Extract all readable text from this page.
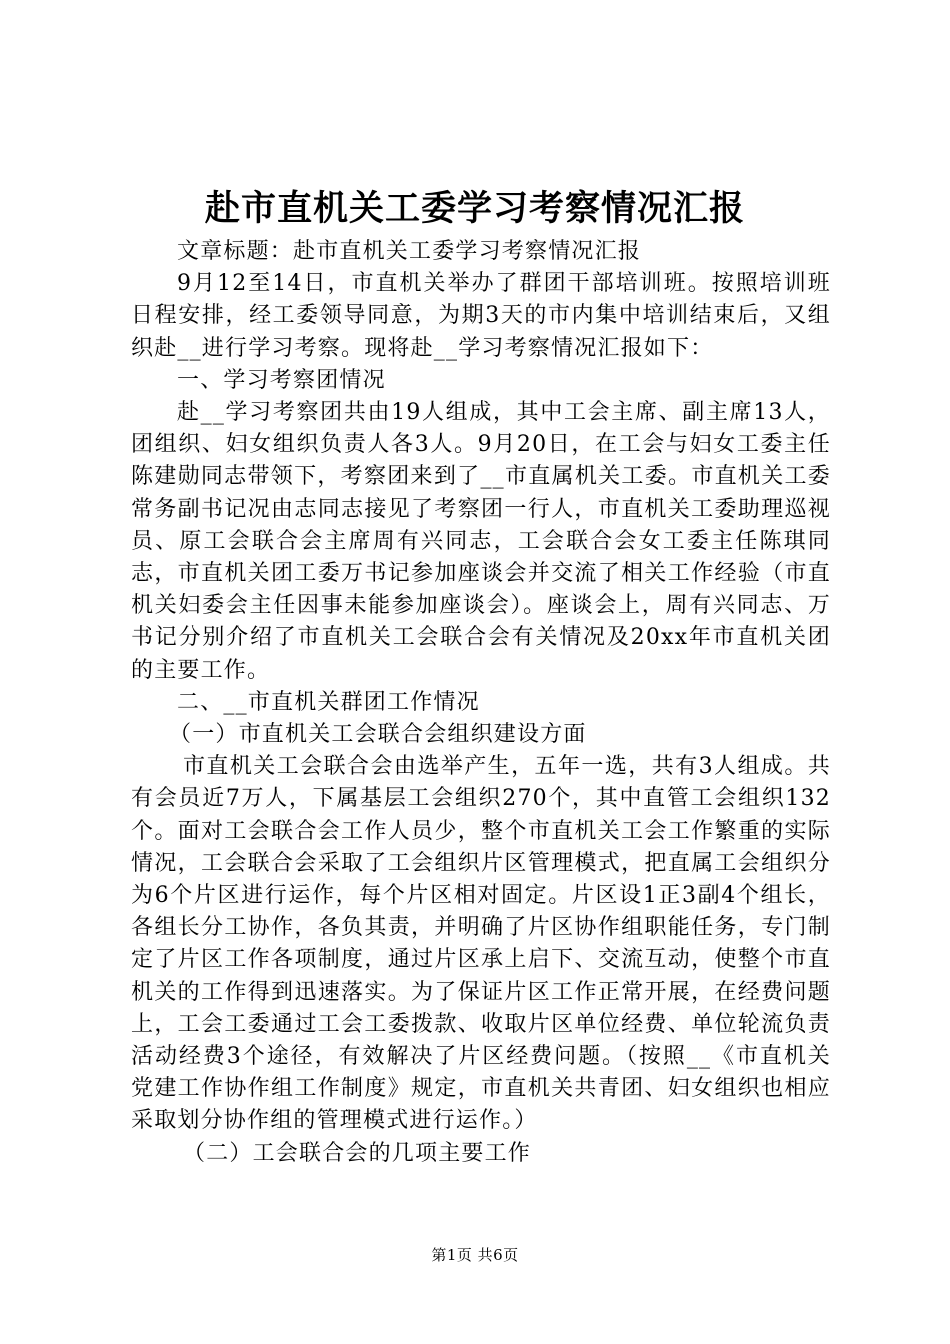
赴市直机关工委学习考察情况汇报

文章标题：赴市直机关工委学习考察情况汇报

9月12至14日，市直机关举办了群团干部培训班。按照培训班日程安排，经工委领导同意，为期3天的市内集中培训结束后，又组织赴__进行学习考察。现将赴__学习考察情况汇报如下：

一、学习考察团情况

赴__学习考察团共由19人组成，其中工会主席、副主席13人，团组织、妇女组织负责人各3人。9月20日，在工会与妇女工委主任陈建勋同志带领下，考察团来到了__市直属机关工委。市直机关工委常务副书记况由志同志接见了考察团一行人，市直机关工委助理巡视员、原工会联合会主席周有兴同志，工会联合会女工委主任陈琪同志，市直机关团工委万书记参加座谈会并交流了相关工作经验（市直机关妇委会主任因事未能参加座谈会）。座谈会上，周有兴同志、万书记分别介绍了市直机关工会联合会有关情况及20xx年市直机关团的主要工作。

二、__市直机关群团工作情况

（一）市直机关工会联合会组织建设方面

市直机关工会联合会由选举产生，五年一选，共有3人组成。共有会员近7万人，下属基层工会组织270个，其中直管工会组织132个。面对工会联合会工作人员少，整个市直机关工会工作繁重的实际情况，工会联合会采取了工会组织片区管理模式，把直属工会组织分为6个片区进行运作，每个片区相对固定。片区设1正3副4个组长，各组长分工协作，各负其责，并明确了片区协作组职能任务，专门制定了片区工作各项制度，通过片区承上启下、交流互动，使整个市直机关的工作得到迅速落实。为了保证片区工作正常开展，在经费问题上，工会工委通过工会工委拨款、收取片区单位经费、单位轮流负责活动经费3个途径，有效解决了片区经费问题。（按照__《市直机关党建工作协作组工作制度》规定，市直机关共青团、妇女组织也相应采取划分协作组的管理模式进行运作。）

（二）工会联合会的几项主要工作

第1页 共6页
